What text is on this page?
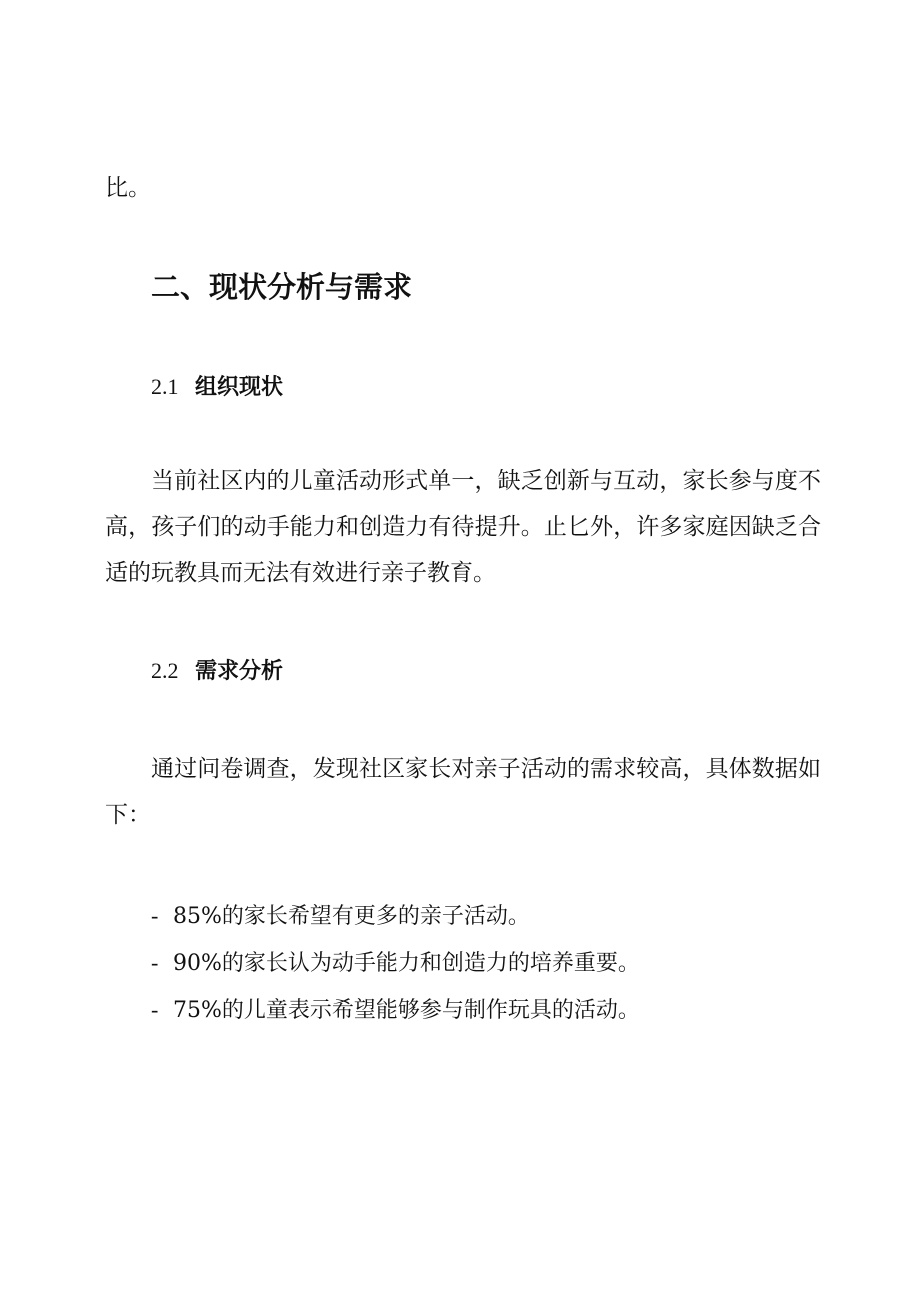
比。
二、现状分析与需求
2.1 组织现状
当前社区内的儿童活动形式单一，缺乏创新与互动，家长参与度不高，孩子们的动手能力和创造力有待提升。止匕外，许多家庭因缺乏合适的玩教具而无法有效进行亲子教育。
2.2 需求分析
通过问卷调查，发现社区家长对亲子活动的需求较高，具体数据如下：
- 85%的家长希望有更多的亲子活动。
- 90%的家长认为动手能力和创造力的培养重要。
- 75%的儿童表示希望能够参与制作玩具的活动。
